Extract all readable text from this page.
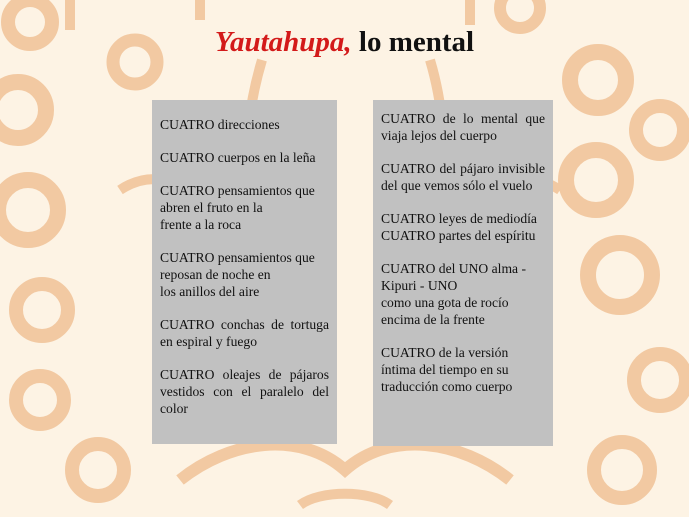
Yautahupa, lo mental
CUATRO direcciones
CUATRO cuerpos en la leña
CUATRO pensamientos que
abren el fruto en la
frente a la roca
CUATRO pensamientos que
reposan de noche en
los anillos del aire
CUATRO conchas de tortuga en espiral y fuego
CUATRO oleajes de pájaros vestidos con el paralelo del color
CUATRO de lo mental que viaja lejos del cuerpo
CUATRO del pájaro invisible del que vemos sólo el vuelo
CUATRO leyes de mediodía
CUATRO partes del espíritu
CUATRO del UNO alma - Kipuri - UNO
como una gota de rocío
encima de la frente
CUATRO de la versión
íntima del tiempo en su
traducción como cuerpo
